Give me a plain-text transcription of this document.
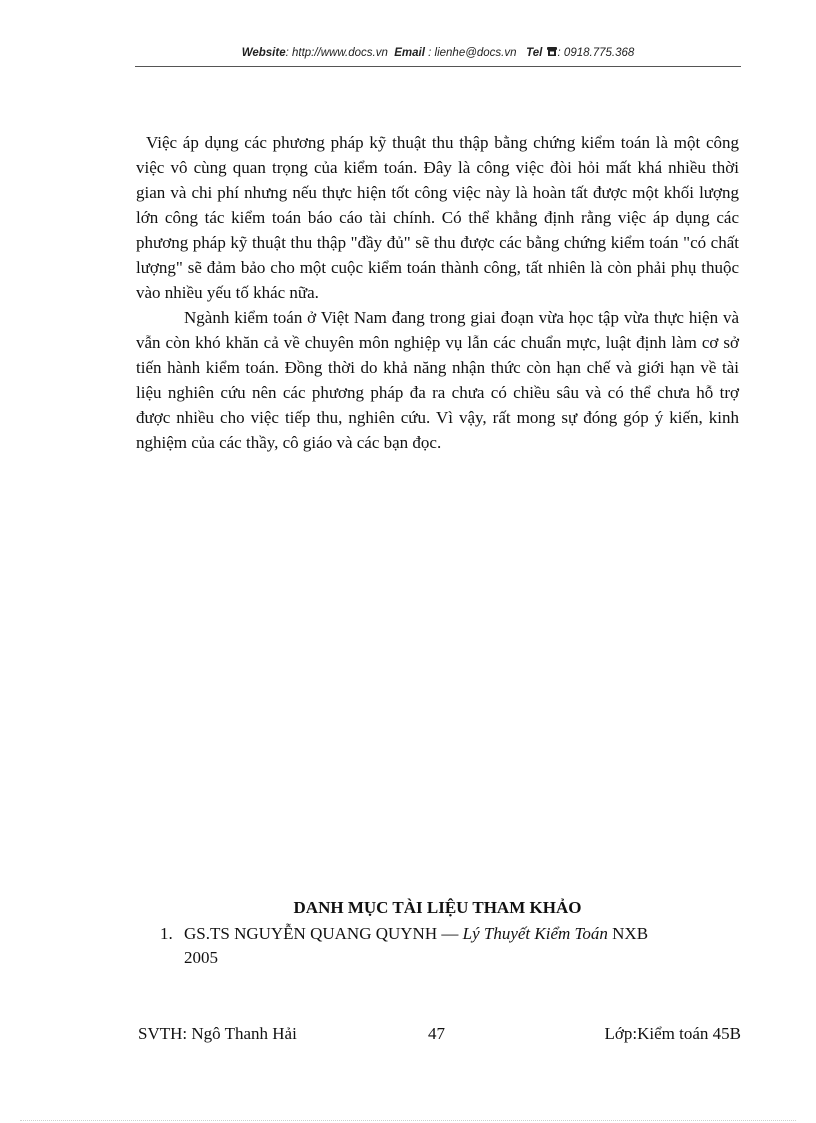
Website: http://www.docs.vn Email : lienhe@docs.vn Tel : 0918.775.368

Việc áp dụng các phương pháp kỹ thuật thu thập bằng chứng kiểm toán là một công việc vô cùng quan trọng của kiểm toán. Đây là công việc đòi hỏi mất khá nhiều thời gian và chi phí nhưng nếu thực hiện tốt công việc này là hoàn tất được một khối lượng lớn công tác kiểm toán báo cáo tài chính. Có thể khẳng định rằng việc áp dụng các phương pháp kỹ thuật thu thập "đầy đủ" sẽ thu được các bằng chứng kiểm toán "có chất lượng" sẽ đảm bảo cho một cuộc kiểm toán thành công, tất nhiên là còn phải phụ thuộc vào nhiều yếu tố khác nữa.

Ngành kiểm toán ở Việt Nam đang trong giai đoạn vừa học tập vừa thực hiện và vẫn còn khó khăn cả về chuyên môn nghiệp vụ lẫn các chuẩn mực, luật định làm cơ sở tiến hành kiểm toán. Đồng thời do khả năng nhận thức còn hạn chế và giới hạn về tài liệu nghiên cứu nên các phương pháp đa ra chưa có chiều sâu và có thể chưa hỗ trợ được nhiều cho việc tiếp thu, nghiên cứu. Vì vậy, rất mong sự đóng góp ý kiến, kinh nghiệm của các thầy, cô giáo và các bạn đọc.

DANH MỤC TÀI LIỆU THAM KHẢO
1. GS.TS NGUYỄN QUANG QUYNH — Lý Thuyết Kiểm Toán NXB
2005
SVTH: Ngô Thanh Hải	47	Lớp:Kiểm toán 45B
